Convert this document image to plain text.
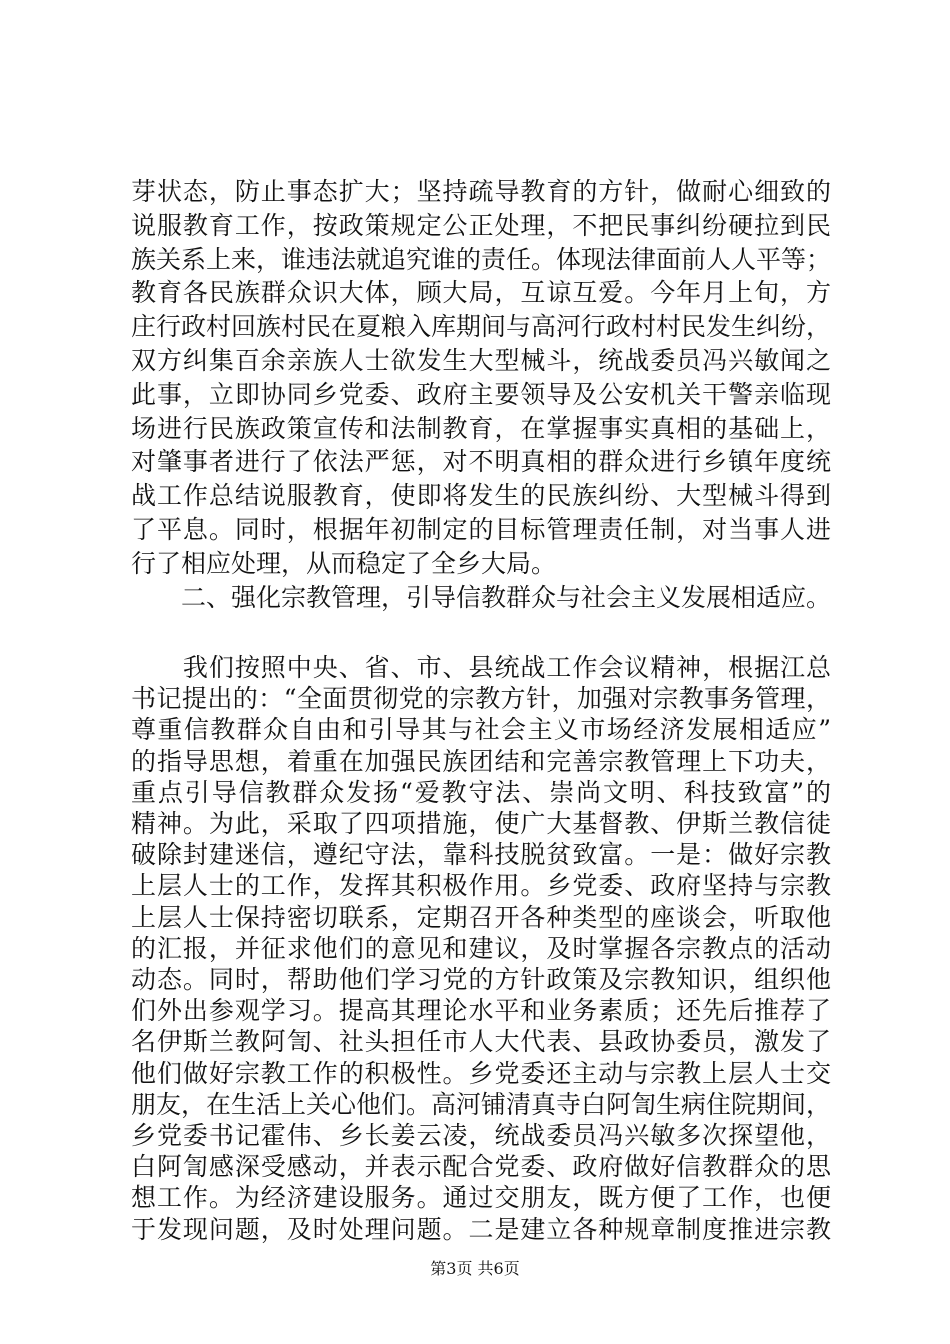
芽状态，防止事态扩大；坚持疏导教育的方针，做耐心细致的
说服教育工作，按政策规定公正处理，不把民事纠纷硬拉到民
族关系上来，谁违法就追究谁的责任。体现法律面前人人平等；
教育各民族群众识大体，顾大局，互谅互爱。今年月上旬，方
庄行政村回族村民在夏粮入库期间与高河行政村村民发生纠纷，
双方纠集百余亲族人士欲发生大型械斗，统战委员冯兴敏闻之
此事，立即协同乡党委、政府主要领导及公安机关干警亲临现
场进行民族政策宣传和法制教育，在掌握事实真相的基础上，
对肇事者进行了依法严惩，对不明真相的群众进行乡镇年度统
战工作总结说服教育，使即将发生的民族纠纷、大型械斗得到
了平息。同时，根据年初制定的目标管理责任制，对当事人进
行了相应处理，从而稳定了全乡大局。
二、强化宗教管理，引导信教群众与社会主义发展相适应。
　　我们按照中央、省、市、县统战工作会议精神，根据江总
书记提出的：“全面贯彻党的宗教方针，加强对宗教事务管理，
尊重信教群众自由和引导其与社会主义市场经济发展相适应”
的指导思想，着重在加强民族团结和完善宗教管理上下功夫，
重点引导信教群众发扬“爱教守法、崇尚文明、科技致富”的
精神。为此，采取了四项措施，使广大基督教、伊斯兰教信徒
破除封建迷信，遵纪守法，靠科技脱贫致富。一是：做好宗教
上层人士的工作，发挥其积极作用。乡党委、政府坚持与宗教
上层人士保持密切联系，定期召开各种类型的座谈会，听取他
的汇报，并征求他们的意见和建议，及时掌握各宗教点的活动
动态。同时，帮助他们学习党的方针政策及宗教知识，组织他
们外出参观学习。提高其理论水平和业务素质；还先后推荐了
名伊斯兰教阿訇、社头担任市人大代表、县政协委员，激发了
他们做好宗教工作的积极性。乡党委还主动与宗教上层人士交
朋友，在生活上关心他们。高河铺清真寺白阿訇生病住院期间，
乡党委书记霍伟、乡长姜云凌，统战委员冯兴敏多次探望他，
白阿訇感深受感动，并表示配合党委、政府做好信教群众的思
第3页 共6页
想工作。为经济建设服务。通过交朋友，既方便了工作，也便
于发现问题，及时处理问题。二是建立各种规章制度推进宗教
